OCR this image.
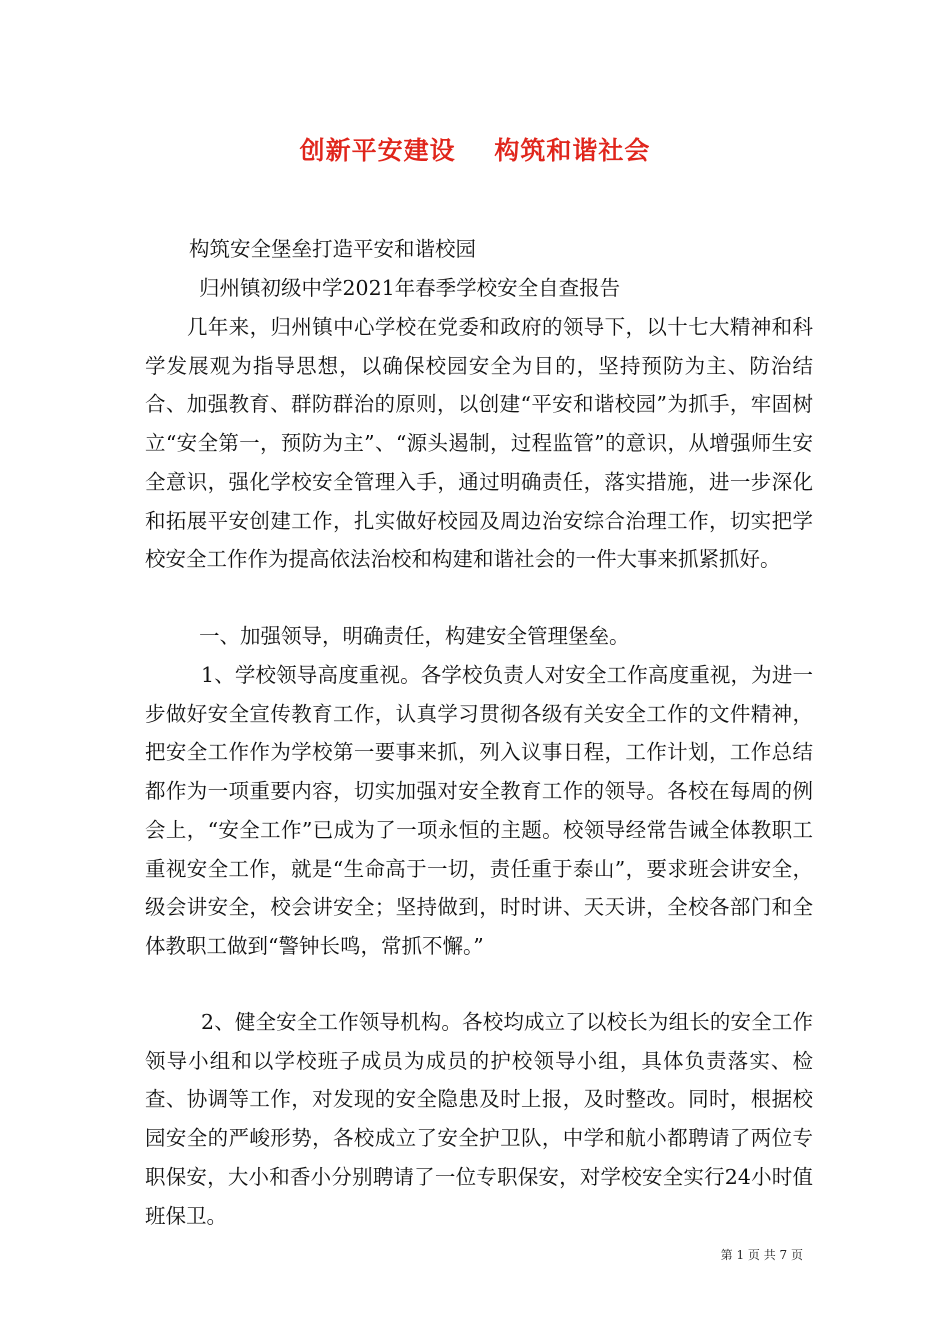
创新平安建设    构筑和谐社会

构筑安全堡垒打造平安和谐校园

归州镇初级中学2021年春季学校安全自查报告

几年来，归州镇中心学校在党委和政府的领导下，以十七大精神和科学发展观为指导思想，以确保校园安全为目的，坚持预防为主、防治结合、加强教育、群防群治的原则，以创建“平安和谐校园”为抓手，牢固树立“安全第一，预防为主”、“源头遏制，过程监管”的意识，从增强师生安全意识，强化学校安全管理入手，通过明确责任，落实措施，进一步深化和拓展平安创建工作，扎实做好校园及周边治安综合治理工作，切实把学校安全工作作为提高依法治校和构建和谐社会的一件大事来抓紧抓好。

一、加强领导，明确责任，构建安全管理堡垒。

1、学校领导高度重视。各学校负责人对安全工作高度重视，为进一步做好安全宣传教育工作，认真学习贯彻各级有关安全工作的文件精神，把安全工作作为学校第一要事来抓，列入议事日程，工作计划，工作总结都作为一项重要内容，切实加强对安全教育工作的领导。各校在每周的例会上，“安全工作”已成为了一项永恒的主题。校领导经常告诫全体教职工重视安全工作，就是“生命高于一切，责任重于泰山”，要求班会讲安全，级会讲安全，校会讲安全；坚持做到，时时讲、天天讲，全校各部门和全体教职工做到“警钟长鸣，常抓不懈。”

2、健全安全工作领导机构。各校均成立了以校长为组长的安全工作领导小组和以学校班子成员为成员的护校领导小组，具体负责落实、检查、协调等工作，对发现的安全隐患及时上报，及时整改。同时，根据校园安全的严峻形势，各校成立了安全护卫队，中学和航小都聘请了两位专职保安，大小和香小分别聘请了一位专职保安，对学校安全实行24小时值班保卫。

第 1 页 共 7 页
